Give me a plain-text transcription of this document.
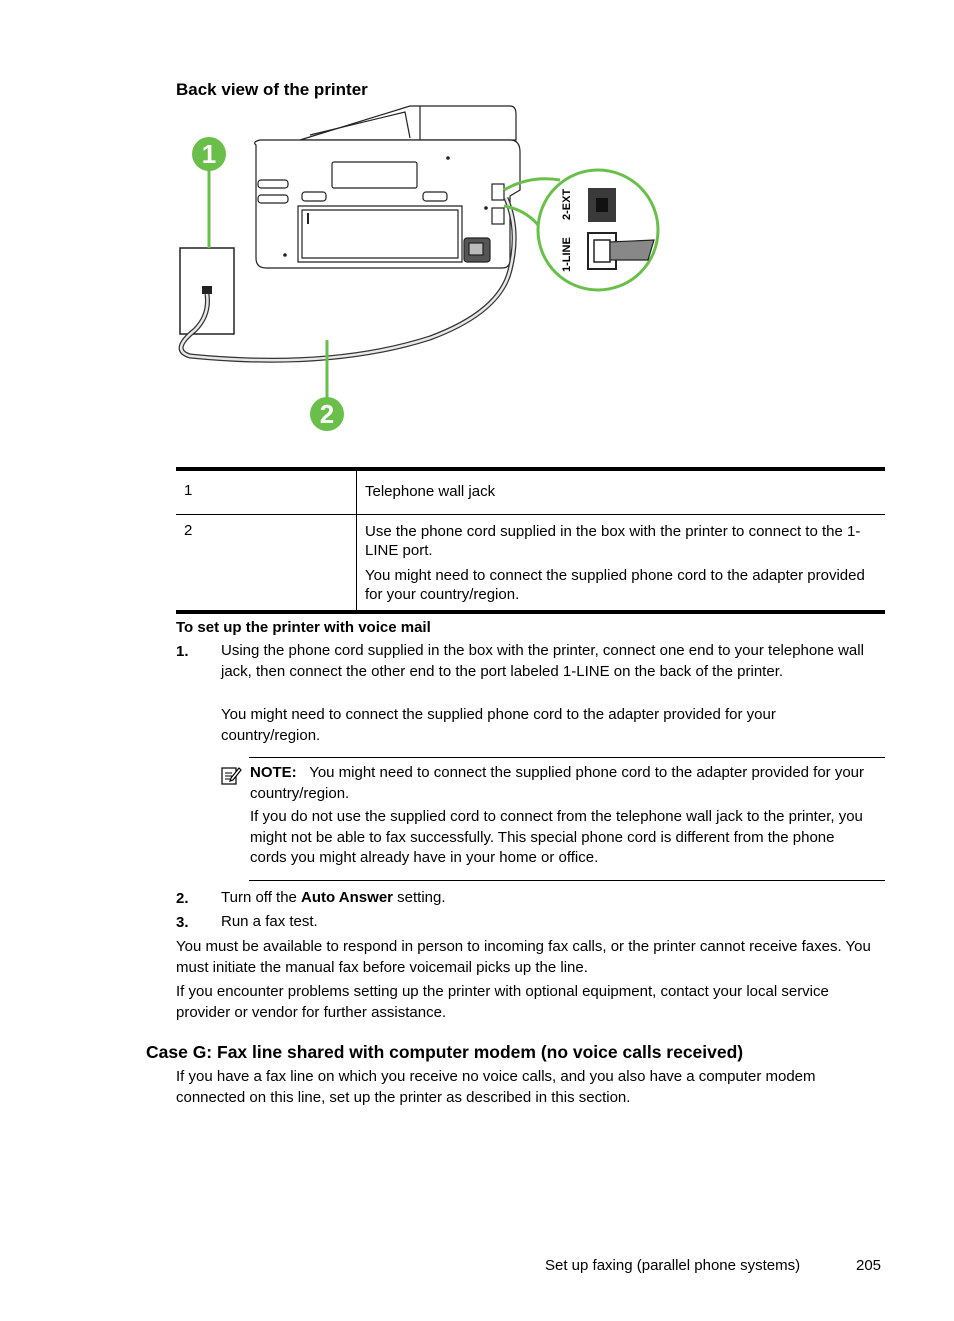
Back view of the printer
1
2
2-EXT
1-LINE
1	Telephone wall jack

2	Use the phone cord supplied in the box with the printer to connect to the 1-LINE port.
You might need to connect the supplied phone cord to the adapter provided for your country/region.
To set up the printer with voice mail
1. Using the phone cord supplied in the box with the printer, connect one end to your telephone wall jack, then connect the other end to the port labeled 1-LINE on the back of the printer.
You might need to connect the supplied phone cord to the adapter provided for your country/region.
NOTE: You might need to connect the supplied phone cord to the adapter provided for your country/region.
If you do not use the supplied cord to connect from the telephone wall jack to the printer, you might not be able to fax successfully. This special phone cord is different from the phone cords you might already have in your home or office.
2. Turn off the Auto Answer setting.
3. Run a fax test.
You must be available to respond in person to incoming fax calls, or the printer cannot receive faxes. You must initiate the manual fax before voicemail picks up the line.
If you encounter problems setting up the printer with optional equipment, contact your local service provider or vendor for further assistance.
Case G: Fax line shared with computer modem (no voice calls received)
If you have a fax line on which you receive no voice calls, and you also have a computer modem connected on this line, set up the printer as described in this section.
Set up faxing (parallel phone systems)	205
